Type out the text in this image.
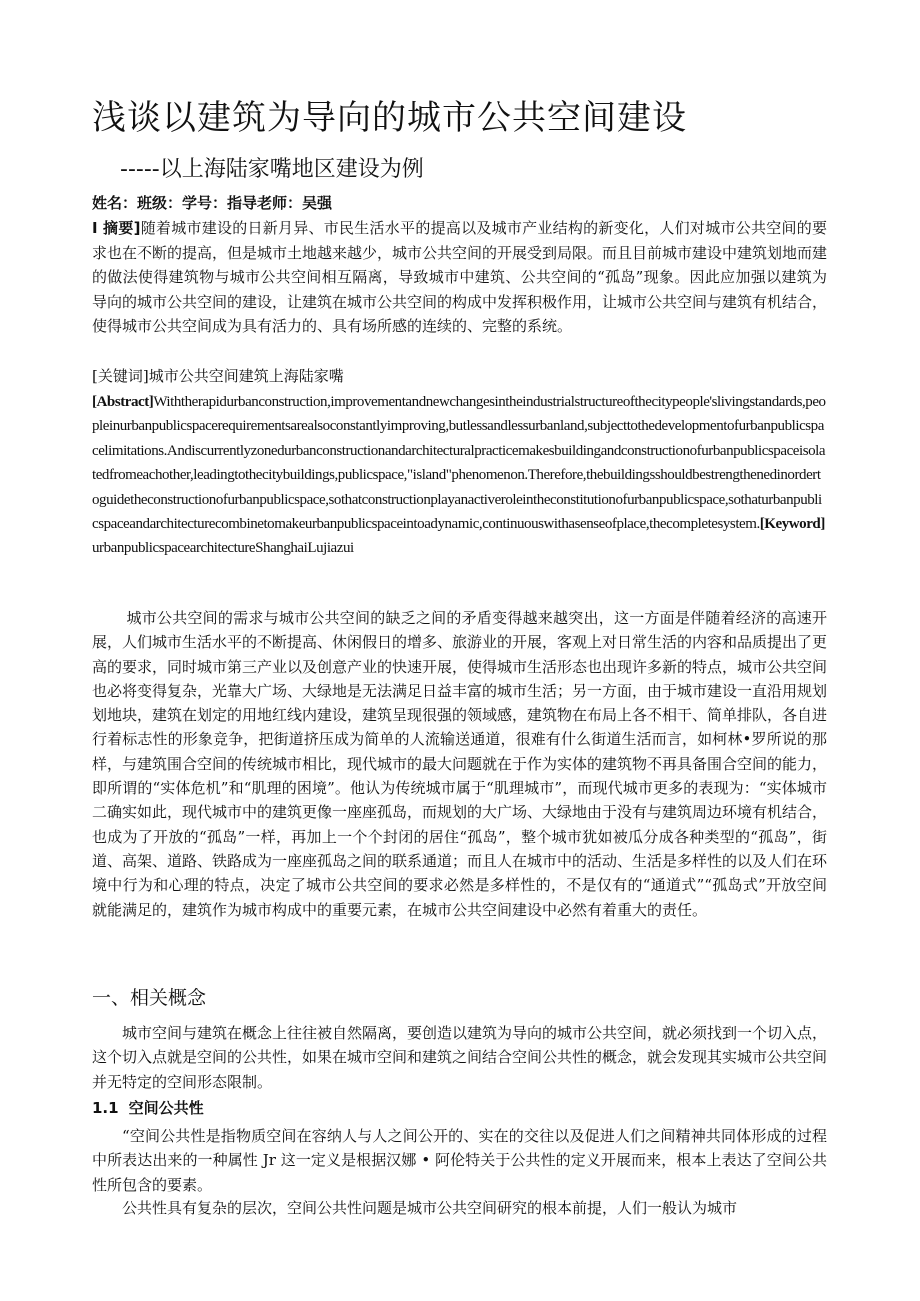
浅谈以建筑为导向的城市公共空间建设
-----以上海陆家嘴地区建设为例
姓名：班级：学号：指导老师：吴强
I 摘要]随着城市建设的日新月异、市民生活水平的提高以及城市产业结构的新变化，人们对城市公共空间的要求也在不断的提高，但是城市土地越来越少，城市公共空间的开展受到局限。而且目前城市建设中建筑划地而建的做法使得建筑物与城市公共空间相互隔离，导致城市中建筑、公共空间的“孤岛”现象。因此应加强以建筑为导向的城市公共空间的建设，让建筑在城市公共空间的构成中发挥积极作用，让城市公共空间与建筑有机结合，使得城市公共空间成为具有活力的、具有场所感的连续的、完整的系统。
[关键词]城市公共空间建筑上海陆家嘴
[Abstract]Withtherapidurbanconstruction,improvementandnewchangesintheindustrialstructureofthecitypeople'slivingstandards,peopleinurbanpublicspacerequirementsarealsoconstantlyimproving,butlessandlessurbanland,subjecttothedevelopmentofurbanpublicspacelimitations.Andiscurrentlyzonedurbanconstructionandarchitecturalpracticemakesbuildingandconstructionofurbanpublicspaceisolatedfromeachother,leadingtothecitybuildings,publicspace,"island"phenomenon.Therefore,thebuildingsshouldbestrengthenedinordertoguidetheconstructionofurbanpublicspace,sothatconstructionplayanactiveroleintheconstitutionofurbanpublicspace,sothaturbanpublicspaceandarchitecturecombinetomakeurbanpublicspaceintoadynamic,continuouswithasenseofplace,thecompletesystem.[Keyword]urbanpublicspacearchitectureShanghaiLujiazui
城市公共空间的需求与城市公共空间的缺乏之间的矛盾变得越来越突出，这一方面是伴随着经济的高速开展，人们城市生活水平的不断提高、休闲假日的增多、旅游业的开展，客观上对日常生活的内容和品质提出了更高的要求，同时城市第三产业以及创意产业的快速开展，使得城市生活形态也出现许多新的特点，城市公共空间也必将变得复杂，光靠大广场、大绿地是无法满足日益丰富的城市生活；另一方面，由于城市建设一直沿用规划划地块，建筑在划定的用地红线内建设，建筑呈现很强的领域感，建筑物在布局上各不相干、简单排队，各自进行着标志性的形象竞争，把街道挤压成为简单的人流输送通道，很难有什么街道生活而言，如柯林•罗所说的那样，与建筑围合空间的传统城市相比，现代城市的最大问题就在于作为实体的建筑物不再具备围合空间的能力，即所谓的“实体危机”和“肌理的困境”。他认为传统城市属于“肌理城市”，而现代城市更多的表现为：“实体城市二确实如此，现代城市中的建筑更像一座座孤岛，而规划的大广场、大绿地由于没有与建筑周边环境有机结合，也成为了开放的“孤岛”一样，再加上一个个封闭的居住“孤岛”，整个城市犹如被瓜分成各种类型的“孤岛”，街道、高架、道路、铁路成为一座座孤岛之间的联系通道；而且人在城市中的活动、生活是多样性的以及人们在环境中行为和心理的特点，决定了城市公共空间的要求必然是多样性的，不是仅有的“通道式”“孤岛式”开放空间就能满足的，建筑作为城市构成中的重要元素，在城市公共空间建设中必然有着重大的责任。
一、相关概念
城市空间与建筑在概念上往往被自然隔离，要创造以建筑为导向的城市公共空间，就必须找到一个切入点，这个切入点就是空间的公共性，如果在城市空间和建筑之间结合空间公共性的概念，就会发现其实城市公共空间并无特定的空间形态限制。
1.1 空间公共性
“空间公共性是指物质空间在容纳人与人之间公开的、实在的交往以及促进人们之间精神共同体形成的过程中所表达出来的一种属性 Jr 这一定义是根据汉娜 • 阿伦特关于公共性的定义开展而来，根本上表达了空间公共性所包含的要素。
公共性具有复杂的层次，空间公共性问题是城市公共空间研究的根本前提，人们一般认为城市
